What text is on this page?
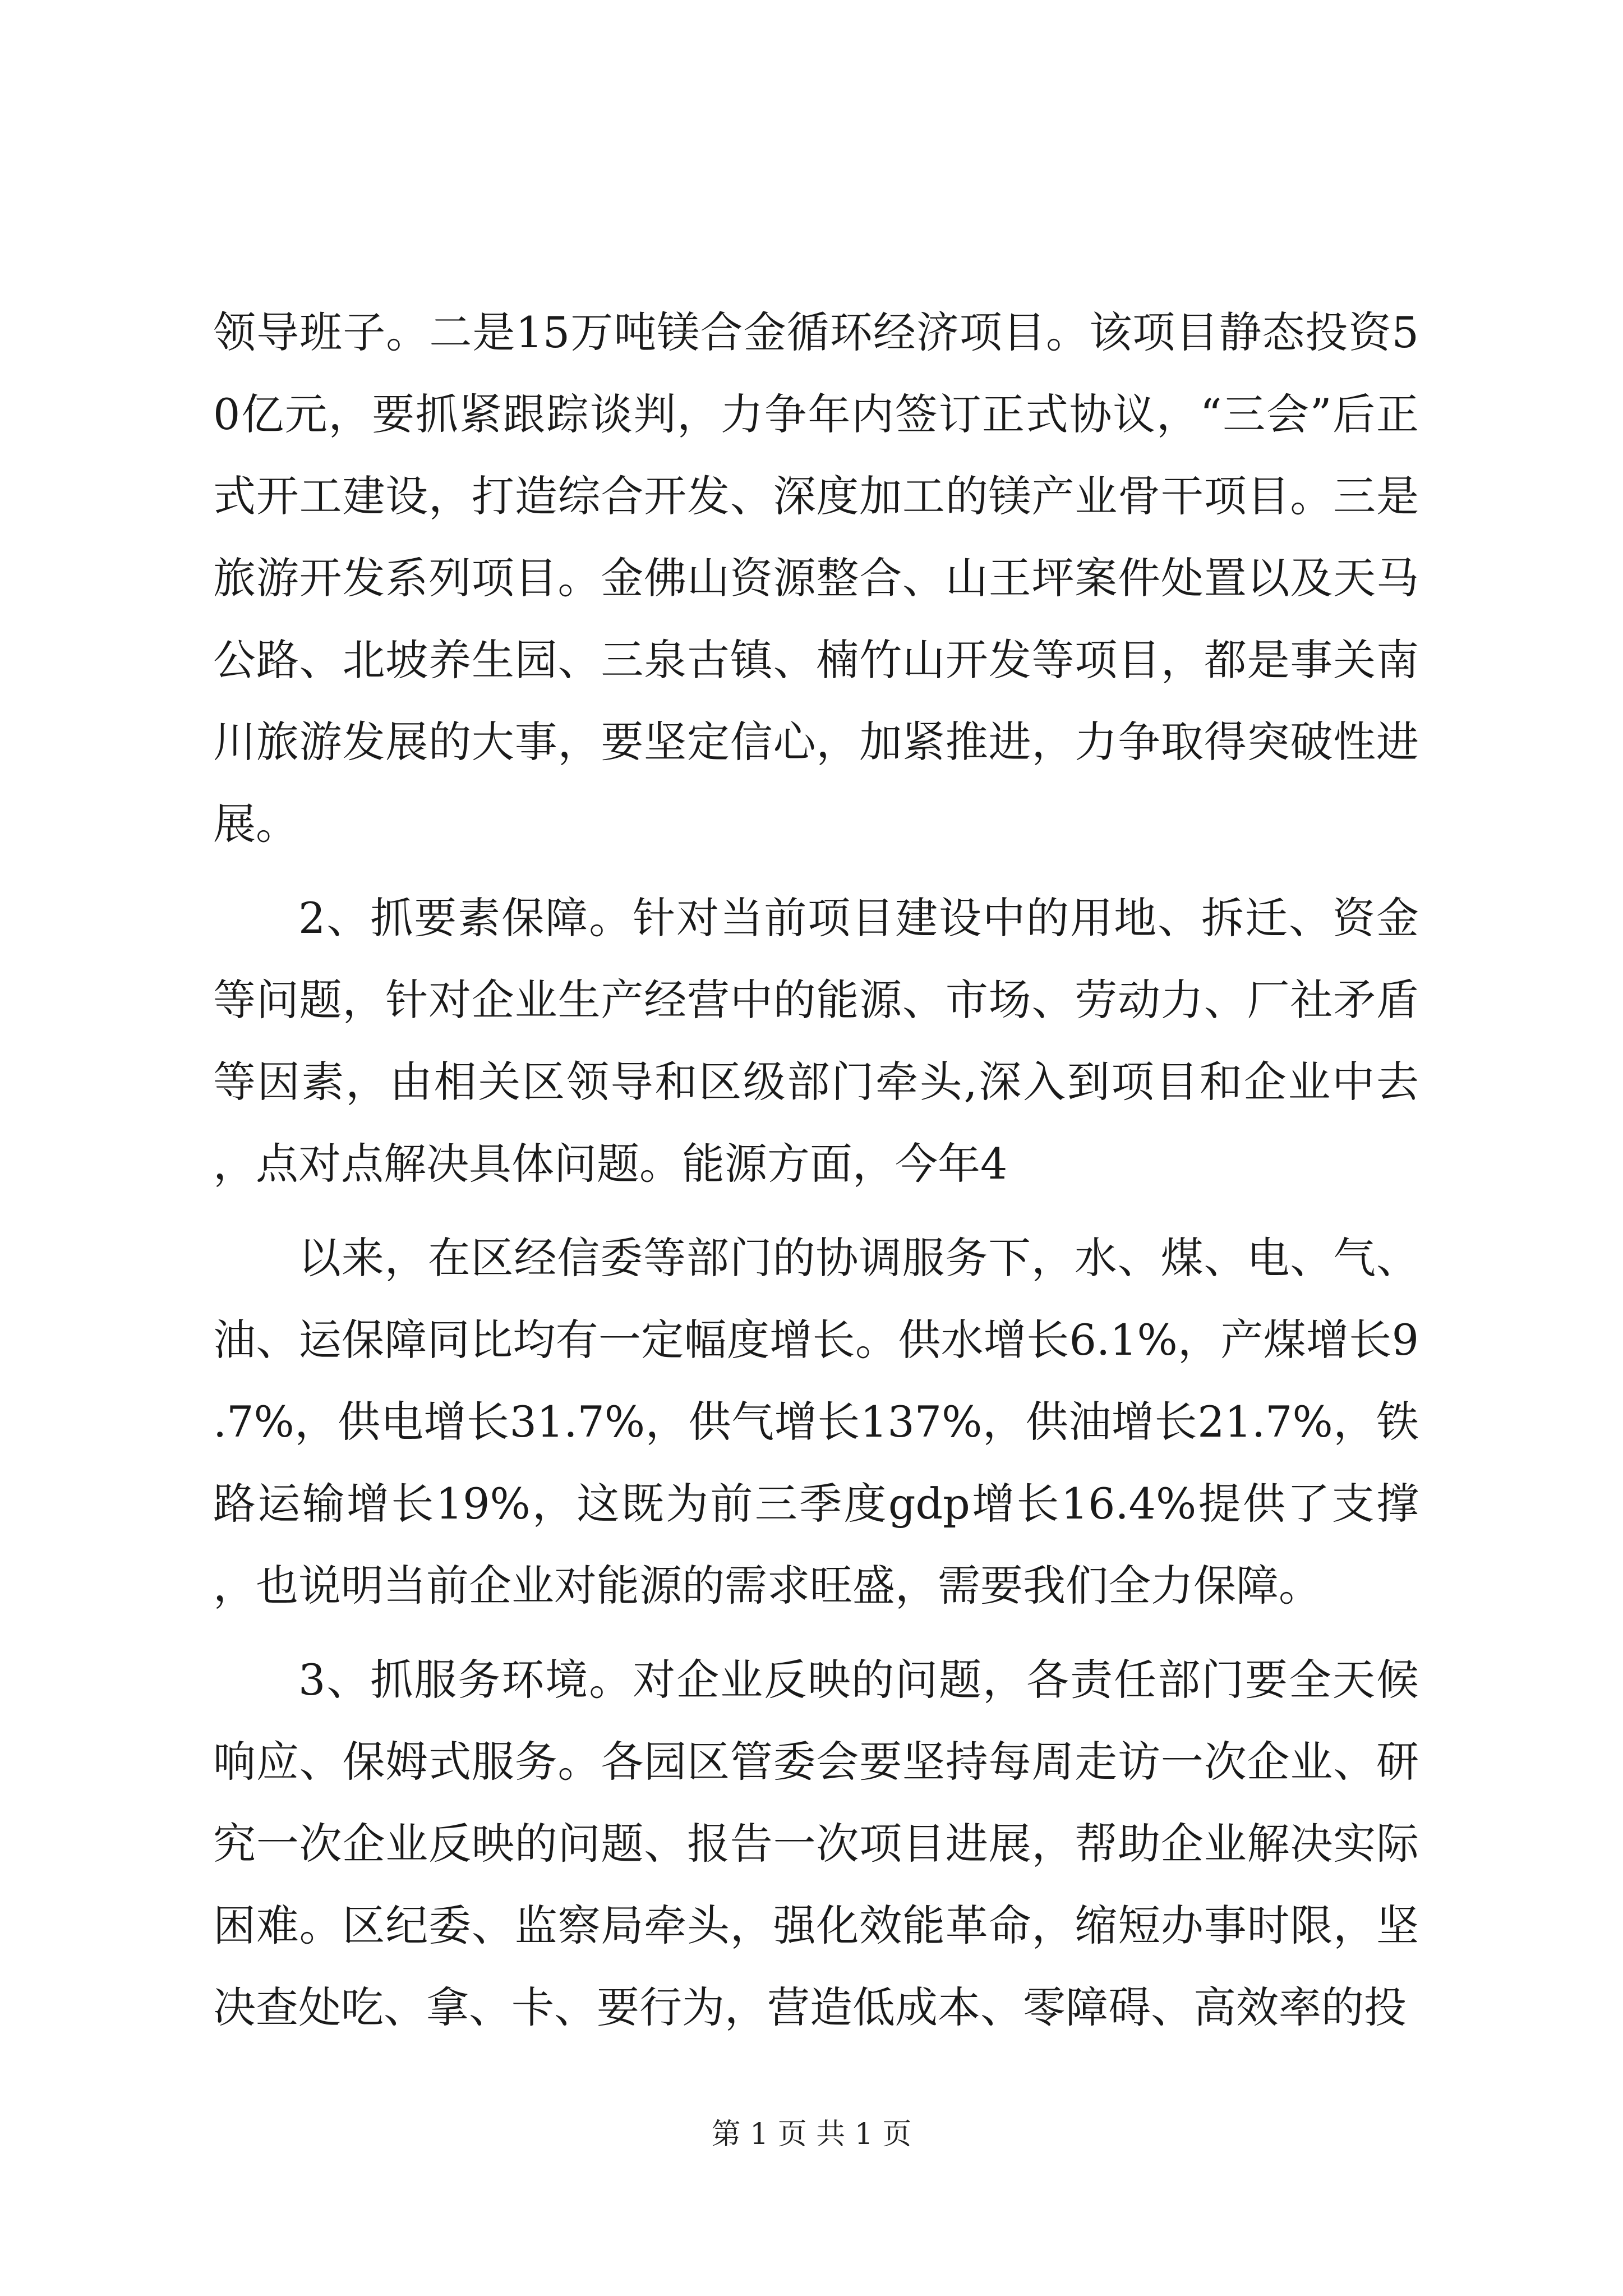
领导班子。二是15万吨镁合金循环经济项目。该项目静态投资50亿元，要抓紧跟踪谈判，力争年内签订正式协议，“三会”后正式开工建设，打造综合开发、深度加工的镁产业骨干项目。三是旅游开发系列项目。金佛山资源整合、山王坪案件处置以及天马公路、北坡养生园、三泉古镇、楠竹山开发等项目，都是事关南川旅游发展的大事，要坚定信心，加紧推进，力争取得突破性进展。

2、抓要素保障。针对当前项目建设中的用地、拆迁、资金等问题，针对企业生产经营中的能源、市场、劳动力、厂社矛盾等因素，由相关区领导和区级部门牵头,深入到项目和企业中去，点对点解决具体问题。能源方面，今年4

以来，在区经信委等部门的协调服务下，水、煤、电、气、油、运保障同比均有一定幅度增长。供水增长6.1%，产煤增长9.7%，供电增长31.7%，供气增长137%，供油增长21.7%，铁路运输增长19%，这既为前三季度gdp增长16.4%提供了支撑，也说明当前企业对能源的需求旺盛，需要我们全力保障。

3、抓服务环境。对企业反映的问题，各责任部门要全天候响应、保姆式服务。各园区管委会要坚持每周走访一次企业、研究一次企业反映的问题、报告一次项目进展，帮助企业解决实际困难。区纪委、监察局牵头，强化效能革命，缩短办事时限，坚决查处吃、拿、卡、要行为，营造低成本、零障碍、高效率的投

第 1 页 共 1 页
